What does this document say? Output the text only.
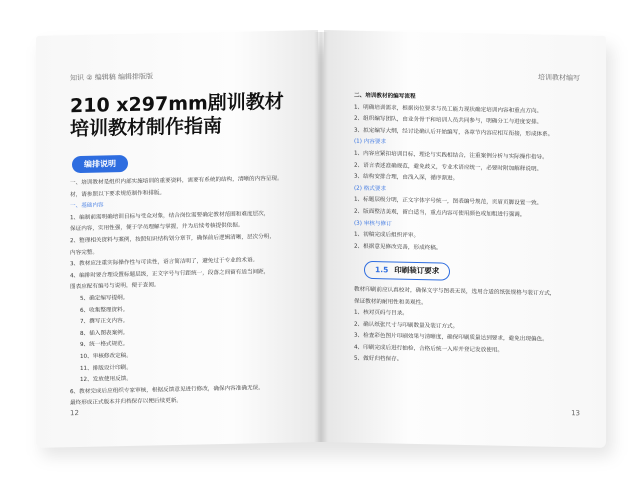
知识 ② 编辑稿 编辑排版版
210 x297mm剧训教材
培训教材制作指南
编排说明
一、培训教材是组织内部实施培训的重要资料，需要有系统的结构，清晰的内容呈现。
材，请参照以下要求规范制作和排版。
一、基础内容
1、编制前需明确培训目标与受众对象，结合岗位需要确定教材范围和难度层次，
保证内容，实用性强，便于学员理解与掌握，并为后续考核提供依据。
2、整理相关资料与案例，按照知识结构划分章节，确保前后逻辑清晰，层次分明，
内容完整。
3、教材应注重实际操作性与可读性，语言简洁明了，避免过于专业的术语。
4、编排时要合理设置标题层级，正文字号与行距统一，段落之间留有适当间距，
图表应配有编号与说明，便于查阅。
5、确定编写提纲。
6、收集整理资料。
7、撰写正文内容。
8、插入图表案例。
9、统一格式规范。
10、审核修改定稿。
11、排版设计印刷。
12、发放使用反馈。
6、教材完成后应组织专家审核，根据反馈意见进行修改，确保内容准确无误。
最终形成正式版本并归档保存以便后续更新。
12
培训教材编写
二、培训教材的编写流程
1、明确培训需求，根据岗位要求与员工能力现状确定培训内容和重点方向。
2、组织编写团队，由业务骨干和培训人员共同参与，明确分工与进度安排。
3、拟定编写大纲，经讨论确认后开始编写，各章节内容应相互衔接，形成体系。
(1) 内容要求
1、内容应紧扣培训目标，理论与实践相结合，注重案例分析与实际操作指导。
2、语言表述准确规范，避免歧义，专业术语应统一，必要时附加解释说明。
3、结构安排合理，由浅入深，循序渐进。
(2) 格式要求
1、标题层级分明，正文字体字号统一，图表编号规范，页眉页脚设置一致。
2、版面整洁美观，留白适当，重点内容可使用颜色或加粗进行强调。
(3) 审核与修订
1、初稿完成后组织评审。
2、根据意见修改完善，形成终稿。
1.5 印刷装订要求
教材印刷前应认真校对，确保文字与图表无误，选用合适的纸张规格与装订方式，
保证教材的耐用性和美观性。
1、核对页码与目录。
2、确认纸张尺寸与印刷数量及装订方式。
3、检查彩色图片印刷效果与清晰度，确保印刷质量达到要求，避免出现偏色。
4、印刷完成后进行抽检，合格后统一入库并登记发放使用。
5、做好归档保存。
13
